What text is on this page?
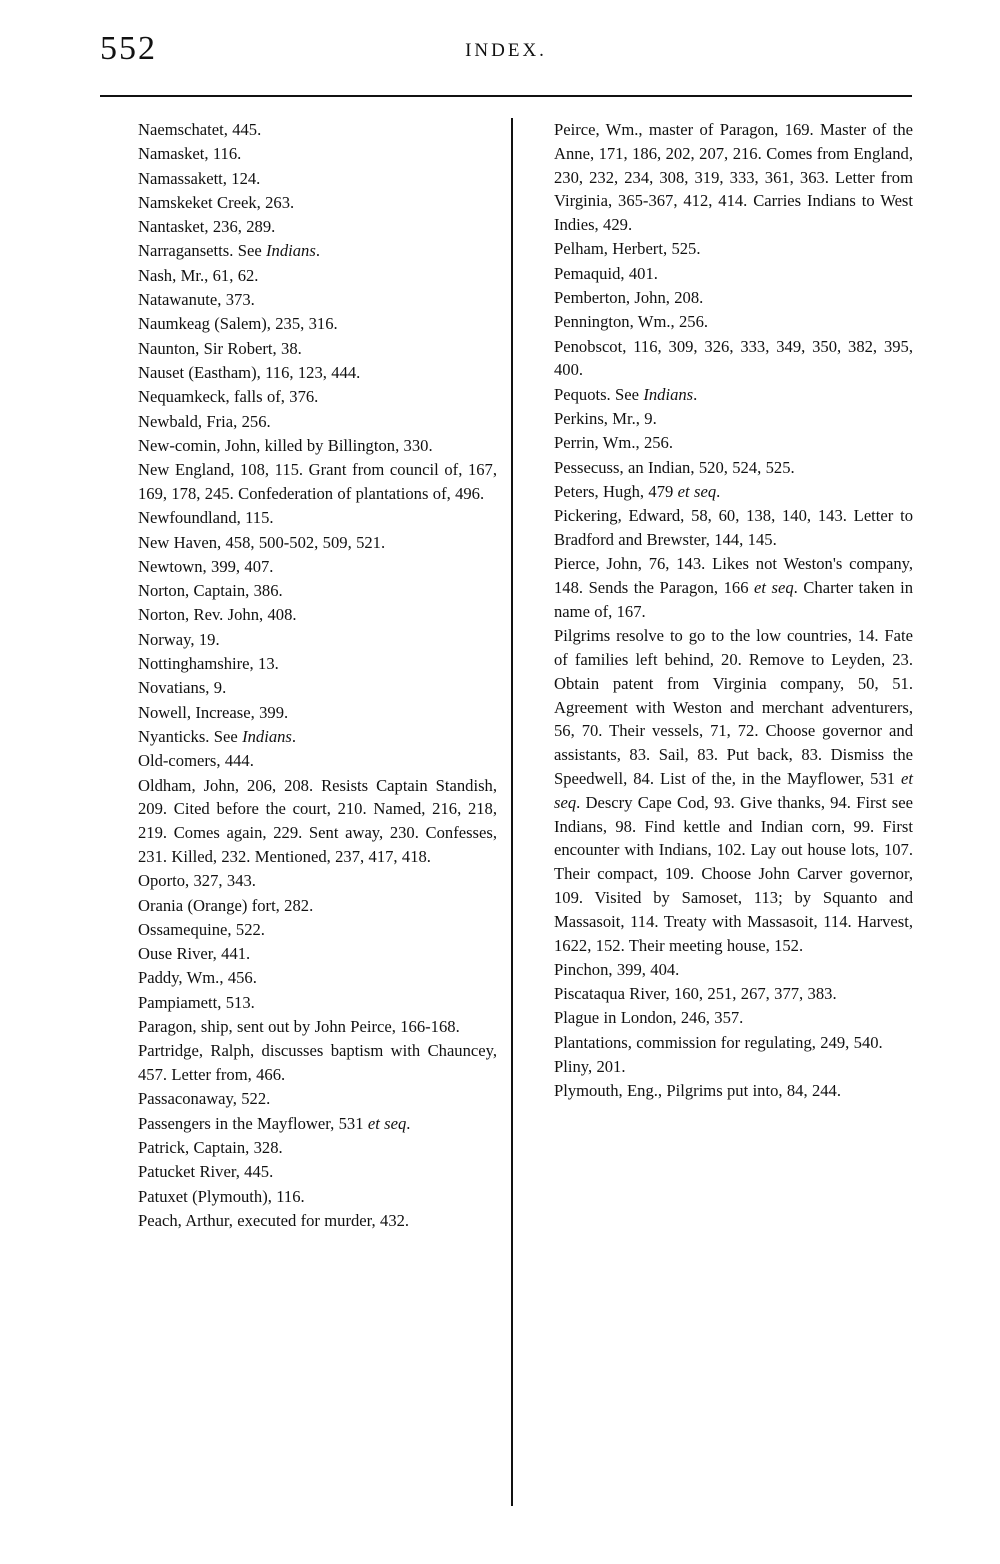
552	INDEX.

Naemschatet, 445.

Namasket, 116.

Namassakett, 124.

Namskeket Creek, 263.

Nantasket, 236, 289.

Narragansetts. See Indians.

Nash, Mr., 61, 62.

Natawanute, 373.

Naumkeag (Salem), 235, 316.

Naunton, Sir Robert, 38.

Nauset (Eastham), 116, 123, 444.

Nequamkeck, falls of, 376.

Newbald, Fria, 256.

New-comin, John, killed by Billington, 330.

New England, 108, 115. Grant from council of, 167, 169, 178, 245. Confederation of plantations of, 496.

Newfoundland, 115.

New Haven, 458, 500-502, 509, 521.

Newtown, 399, 407.

Norton, Captain, 386.

Norton, Rev. John, 408.

Norway, 19.

Nottinghamshire, 13.

Novatians, 9.

Nowell, Increase, 399.

Nyanticks. See Indians.

Old-comers, 444.

Oldham, John, 206, 208. Resists Captain Standish, 209. Cited before the court, 210. Named, 216, 218, 219. Comes again, 229. Sent away, 230. Confesses, 231. Killed, 232. Mentioned, 237, 417, 418.

Oporto, 327, 343.

Orania (Orange) fort, 282.

Ossamequine, 522.

Ouse River, 441.

Paddy, Wm., 456.

Pampiamett, 513.

Paragon, ship, sent out by John Peirce, 166-168.

Partridge, Ralph, discusses baptism with Chauncey, 457. Letter from, 466.

Passaconaway, 522.

Passengers in the Mayflower, 531 et seq.

Patrick, Captain, 328.

Patucket River, 445.

Patuxet (Plymouth), 116.

Peach, Arthur, executed for murder, 432.

Peirce, Wm., master of Paragon, 169. Master of the Anne, 171, 186, 202, 207, 216. Comes from England, 230, 232, 234, 308, 319, 333, 361, 363. Letter from Virginia, 365-367, 412, 414. Carries Indians to West Indies, 429.

Pelham, Herbert, 525.

Pemaquid, 401.

Pemberton, John, 208.

Pennington, Wm., 256.

Penobscot, 116, 309, 326, 333, 349, 350, 382, 395, 400.

Pequots. See Indians.

Perkins, Mr., 9.

Perrin, Wm., 256.

Pessecuss, an Indian, 520, 524, 525.

Peters, Hugh, 479 et seq.

Pickering, Edward, 58, 60, 138, 140, 143. Letter to Bradford and Brewster, 144, 145.

Pierce, John, 76, 143. Likes not Weston's company, 148. Sends the Paragon, 166 et seq. Charter taken in name of, 167.

Pilgrims resolve to go to the low countries, 14. Fate of families left behind, 20. Remove to Leyden, 23. Obtain patent from Virginia company, 50, 51. Agreement with Weston and merchant adventurers, 56, 70. Their vessels, 71, 72. Choose governor and assistants, 83. Sail, 83. Put back, 83. Dismiss the Speedwell, 84. List of the, in the Mayflower, 531 et seq. Descry Cape Cod, 93. Give thanks, 94. First see Indians, 98. Find kettle and Indian corn, 99. First encounter with Indians, 102. Lay out house lots, 107. Their compact, 109. Choose John Carver governor, 109. Visited by Samoset, 113; by Squanto and Massasoit, 114. Treaty with Massasoit, 114. Harvest, 1622, 152. Their meeting house, 152.

Pinchon, 399, 404.

Piscataqua River, 160, 251, 267, 377, 383.

Plague in London, 246, 357.

Plantations, commission for regulating, 249, 540.

Pliny, 201.

Plymouth, Eng., Pilgrims put into, 84, 244.
